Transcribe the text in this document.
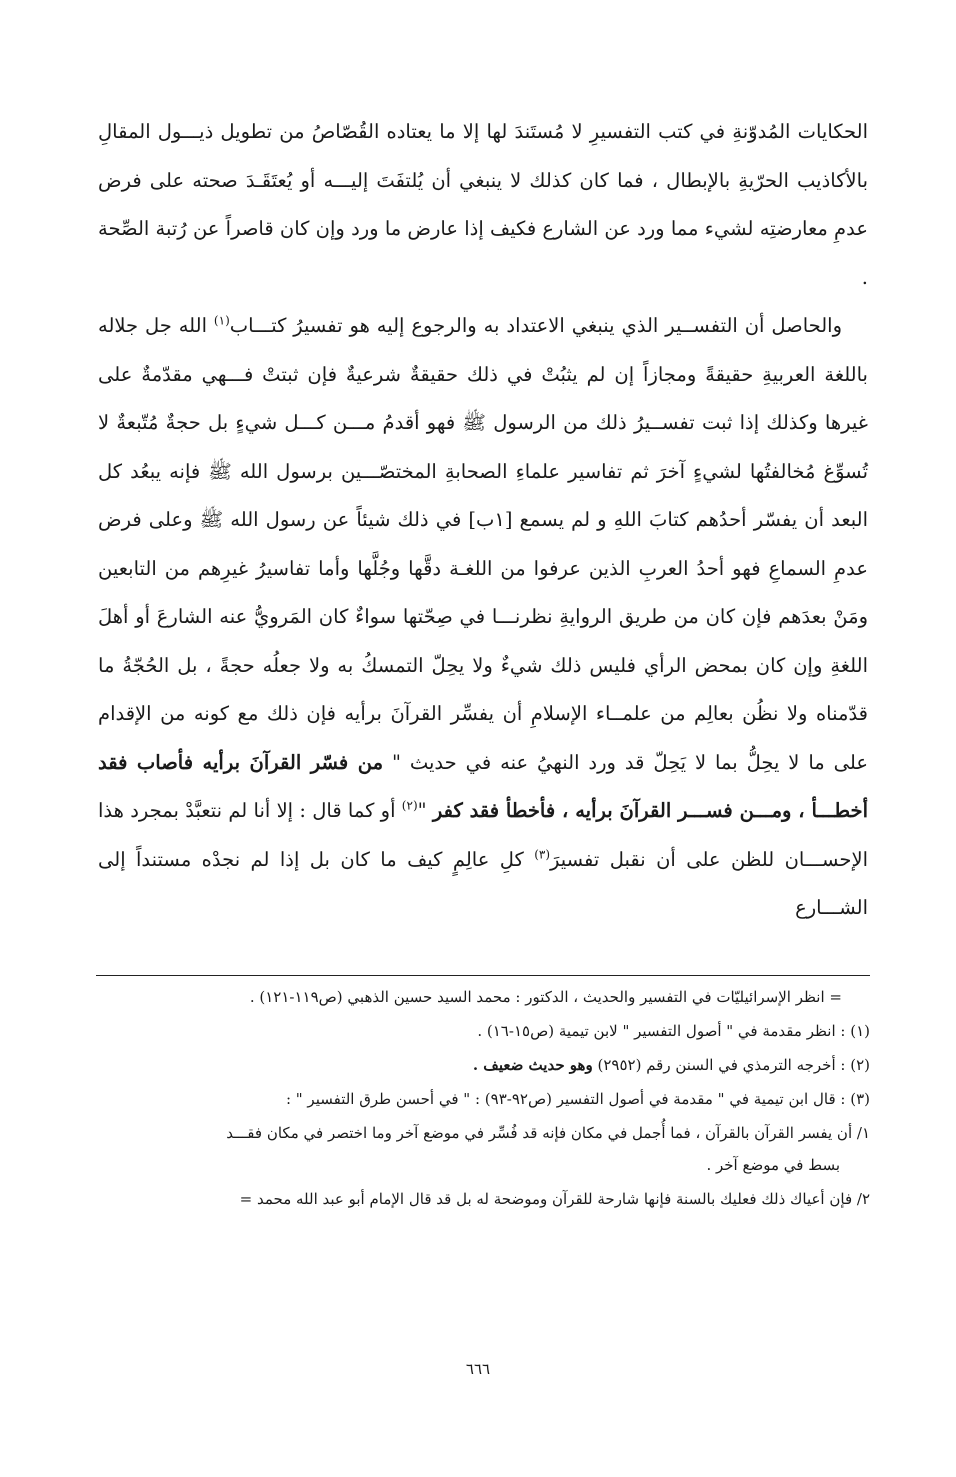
الحكايات المُدوّنةِ في كتب التفسيرِ لا مُستَندَ لها إلا ما يعتاده القُصّاصُ من تطويل ذيـــول المقالِ بالأكاذيب الحرّيةِ بالإبطال ، فما كان كذلك لا ينبغي أن يُلتفَتَ إليـــه أو يُعتَقَـدَ صحته على فرض عدمِ معارضتِه لشيء مما ورد عن الشارع فكيف إذا عارض ما ورد وإن كان قاصراً عن رُتبة الصِّحة .

والحاصل أن التفســير الذي ينبغي الاعتداد به والرجوع إليه هو تفسيرُ كتـــاب$^{(١)}$ الله جل جلاله باللغة العربيةِ حقيقةً ومجازاً إن لم يثبُتْ في ذلك حقيقةٌ شرعيةٌ فإن ثبتتْ فـــهي مقدّمةٌ على غيرها وكذلك إذا ثبت تفســيرُ ذلك من الرسول ﷺ فهو أقدمُ مـــن كـــل شيءٍ بل حجةٌ مُتّبعةٌ لا تُسوِّغ مُخالفتُها لشيءٍ آخرَ ثم تفاسير علماءِ الصحابةِ المختصّـــين برسول الله ﷺ فإنه يبعُد كل البعد أن يفسّر أحدُهم كتابَ اللهِ و لم يسمع [١ب] في ذلك شيئاً عن رسول الله ﷺ وعلى فرض عدمِ السماعِ فهو أحدُ العربِ الذين عرفوا من اللغـة دقَّها وجُلَّها وأما تفاسيرُ غيرِهم من التابعين ومَنْ بعدَهم فإن كان من طريق الروايةِ نظرنـــا في صِحّتها سواءٌ كان المَرويُّ عنه الشارعَ أو أهلَ اللغةِ وإن كان بمحض الرأي فليس ذلك شيءٌ ولا يحِلّ التمسكُ به ولا جعلُه حجةً ، بل الحُجّةُ ما قدّمناه ولا نظُن بعالِم من علمــاء الإسلامِ أن يفسِّر القرآنَ برأيه فإن ذلك مع كونه من الإقدام على ما لا يحِلُّ بما لا يَحِلّ قد ورد النهيُ عنه في حديث " من فسّر القرآنَ برأيه فأصاب فقد أخطـــأ ، ومـــن فســـر القرآنَ برأيه ، فأخطأ فقد كفر "$^{(٢)}$ أو كما قال : إلا أنا لم نتعبَّدْ بمجرد هذا الإحســـان للظن على أن نقبل تفسيرَ$^{(٣)}$ كلِ عالِمٍ كيف ما كان بل إذا لم نجدْه مستنداً إلى الشـــارع

= انظر الإسرائيليّات في التفسير والحديث ، الدكتور : محمد السيد حسين الذهبي (ص١١٩-١٢١) .

(١) : انظر مقدمة في " أصول التفسير " لابن تيمية (ص١٥-١٦) .

(٢) : أخرجه الترمذي في السنن رقم (٢٩٥٢) وهو حديث ضعيف .

(٣) : قال ابن تيمية في " مقدمة في أصول التفسير (ص٩٢-٩٣) : " في أحسن طرق التفسير " :

١/ أن يفسر القرآن بالقرآن ، فما أُجمل في مكان فإنه قد فُسِّر في موضع آخر وما اختصر في مكان فقـــد

بسط في موضع آخر .

٢/ فإن أعياك ذلك فعليك بالسنة فإنها شارحة للقرآن وموضحة له بل قد قال الإمام أبو عبد الله محمد =

٦٦٦
